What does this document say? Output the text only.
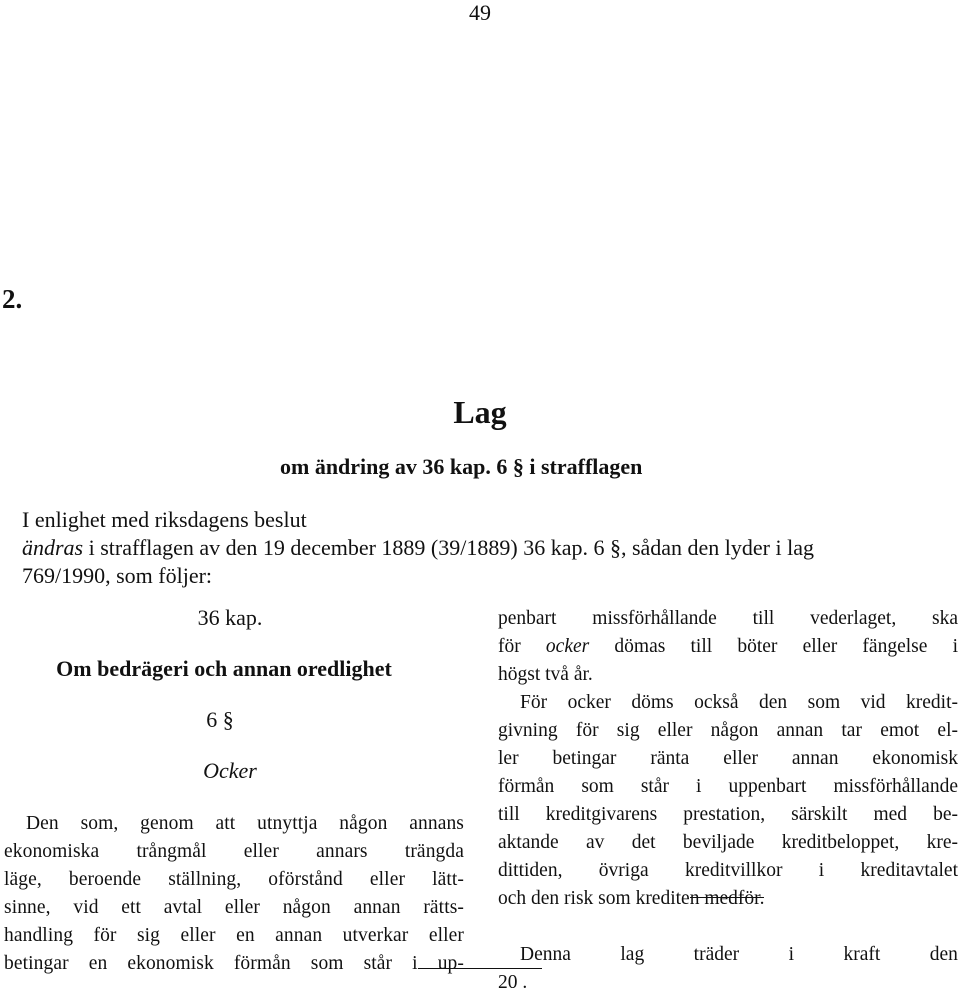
49
2.
Lag
om ändring av 36 kap. 6 § i strafflagen
I enlighet med riksdagens beslut
ändras i strafflagen av den 19 december 1889 (39/1889) 36 kap. 6 §, sådan den lyder i lag
769/1990, som följer:
36 kap.
Om bedrägeri och annan oredlighet
6 §
Ocker
Den som, genom att utnyttja någon annans
ekonomiska trångmål eller annars trängda
läge, beroende ställning, oförstånd eller lätt-
sinne, vid ett avtal eller någon annan rätts-
handling för sig eller en annan utverkar eller
betingar en ekonomisk förmån som står i up-
penbart missförhållande till vederlaget, ska
för ocker dömas till böter eller fängelse i
högst två år.
För ocker döms också den som vid kredit-
givning för sig eller någon annan tar emot el-
ler betingar ränta eller annan ekonomisk
förmån som står i uppenbart missförhållande
till kreditgivarens prestation, särskilt med be-
aktande av det beviljade kreditbeloppet, kre-
dittiden, övriga kreditvillkor i kreditavtalet
och den risk som krediten medför.
Denna	lag	träder	i	kraft	den
20 .
